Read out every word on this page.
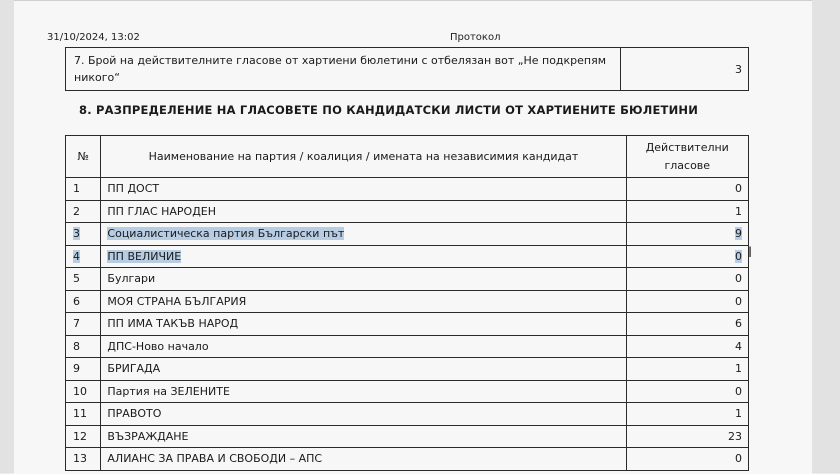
31/10/2024, 13:02	Протокол
7. Брой на действителните гласове от хартиени бюлетини с отбелязан вот „Не подкрепям
никого“
	3
8. РАЗПРЕДЕЛЕНИЕ НА ГЛАСОВЕТЕ ПО КАНДИДАТСКИ ЛИСТИ ОТ ХАРТИЕНИТЕ БЮЛЕТИНИ
№	Наименование на партия / коалиция / имената на независимия кандидат	Действителни
гласове

1	ПП ДОСТ	0
2	ПП ГЛАС НАРОДЕН	1
3	Социалистическа партия Български път	9
4	ПП ВЕЛИЧИЕ	0
5	Булгари	0
6	МОЯ СТРАНА БЪЛГАРИЯ	0
7	ПП ИМА ТАКЪВ НАРОД	6
8	ДПС-Ново начало	4
9	БРИГАДА	1
10	Партия на ЗЕЛЕНИТЕ	0
11	ПРАВОТО	1
12	ВЪЗРАЖДАНЕ	23
13	АЛИАНС ЗА ПРАВА И СВОБОДИ – АПС	0
I
